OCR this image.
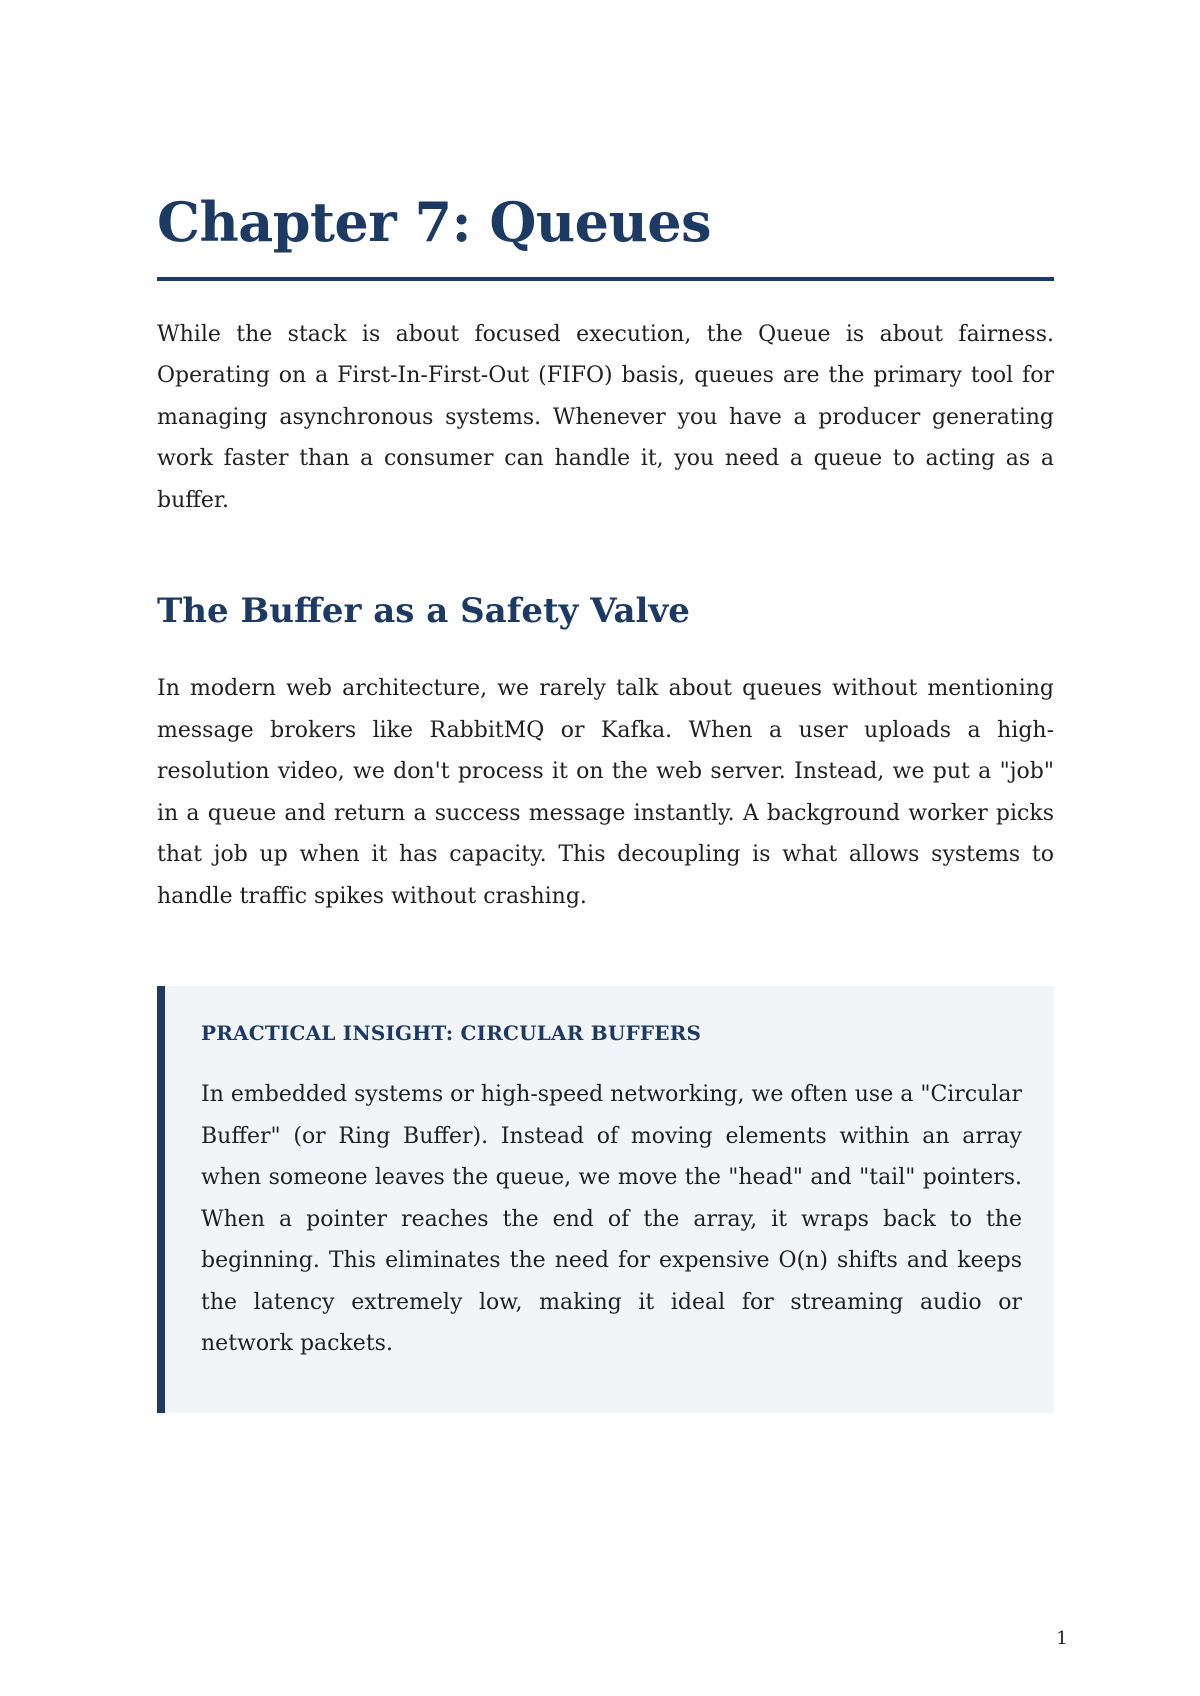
Chapter 7: Queues

While the stack is about focused execution, the Queue is about fairness. Operating on a First-In-First-Out (FIFO) basis, queues are the primary tool for managing asynchronous systems. Whenever you have a producer generating work faster than a consumer can handle it, you need a queue to acting as a buffer.

The Buffer as a Safety Valve

In modern web architecture, we rarely talk about queues without mentioning message brokers like RabbitMQ or Kafka. When a user uploads a high-resolution video, we don't process it on the web server. Instead, we put a "job" in a queue and return a success message instantly. A background worker picks that job up when it has capacity. This decoupling is what allows systems to handle traffic spikes without crashing.

PRACTICAL INSIGHT: CIRCULAR BUFFERS

In embedded systems or high-speed networking, we often use a "Circular Buffer" (or Ring Buffer). Instead of moving elements within an array when someone leaves the queue, we move the "head" and "tail" pointers. When a pointer reaches the end of the array, it wraps back to the beginning. This eliminates the need for expensive O(n) shifts and keeps the latency extremely low, making it ideal for streaming audio or network packets.

1
